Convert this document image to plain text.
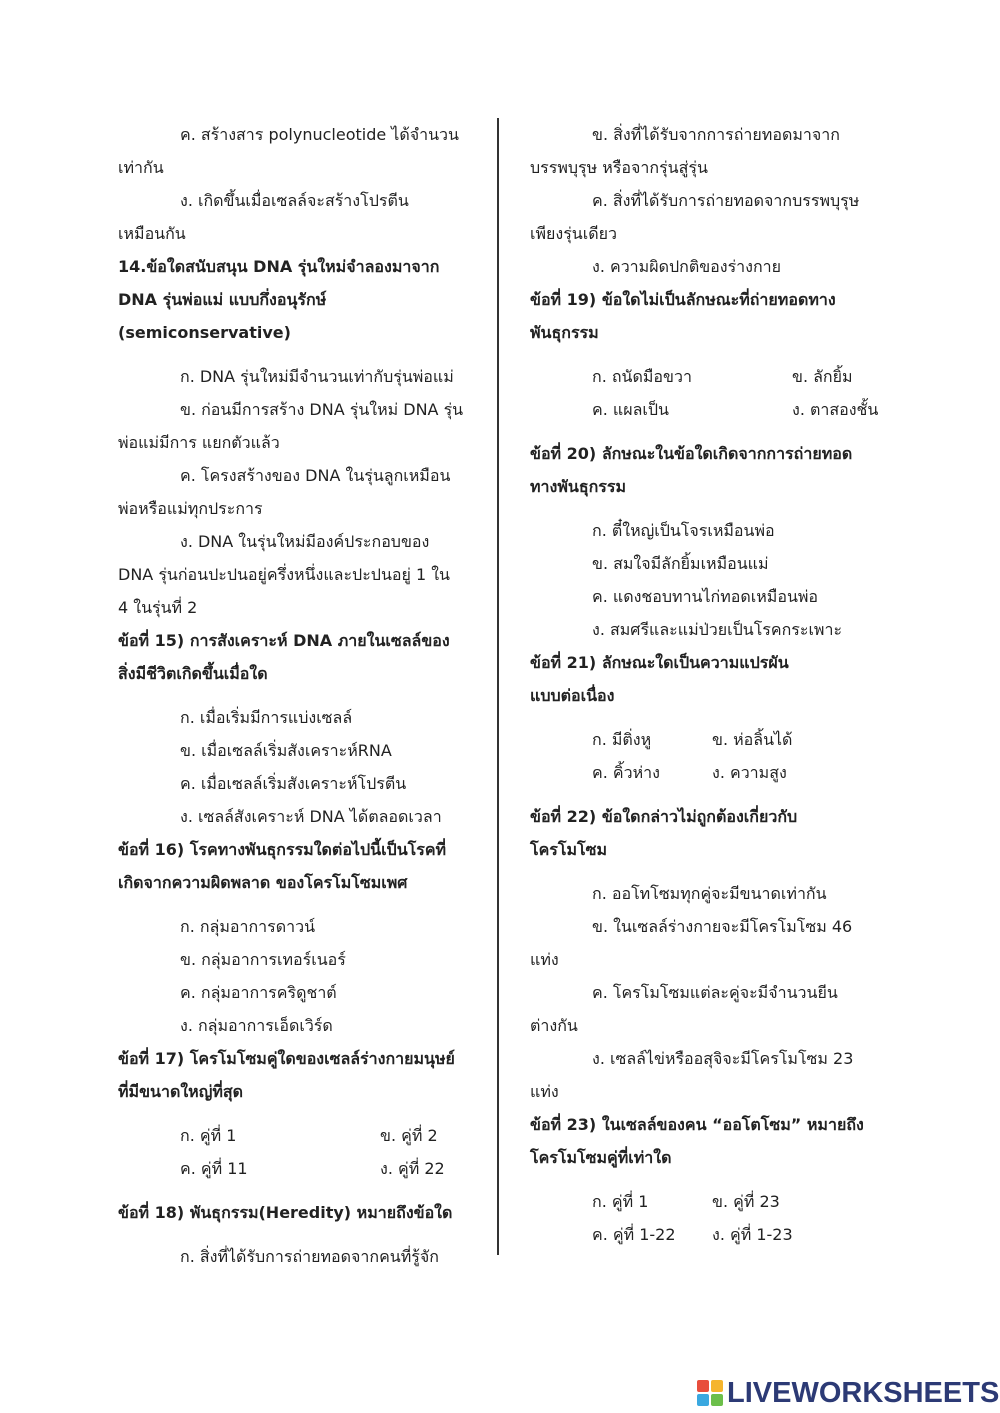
ค. สร้างสาร polynucleotide ได้จำนวน
เท่ากัน
ง. เกิดขึ้นเมื่อเซลล์จะสร้างโปรตีน
เหมือนกัน
14.ข้อใดสนับสนุน DNA รุ่นใหม่จำลองมาจาก
DNA รุ่นพ่อแม่ แบบกึ่งอนุรักษ์
(semiconservative)
ก. DNA รุ่นใหม่มีจำนวนเท่ากับรุ่นพ่อแม่
ข. ก่อนมีการสร้าง DNA รุ่นใหม่ DNA รุ่น
พ่อแม่มีการ แยกตัวแล้ว
ค. โครงสร้างของ DNA ในรุ่นลูกเหมือน
พ่อหรือแม่ทุกประการ
ง. DNA ในรุ่นใหม่มีองค์ประกอบของ
DNA รุ่นก่อนปะปนอยู่ครึ่งหนึ่งและปะปนอยู่ 1 ใน
4 ในรุ่นที่ 2
ข้อที่ 15) การสังเคราะห์ DNA ภายในเซลล์ของ
สิ่งมีชีวิตเกิดขึ้นเมื่อใด
ก. เมื่อเริ่มมีการแบ่งเซลล์
ข. เมื่อเซลล์เริ่มสังเคราะห์RNA
ค. เมื่อเซลล์เริ่มสังเคราะห์โปรตีน
ง. เซลล์สังเคราะห์ DNA ได้ตลอดเวลา
ข้อที่ 16) โรคทางพันธุกรรมใดต่อไปนี้เป็นโรคที่
เกิดจากความผิดพลาด ของโครโมโซมเพศ
ก. กลุ่มอาการดาวน์
ข. กลุ่มอาการเทอร์เนอร์
ค. กลุ่มอาการคริดูชาต์
ง. กลุ่มอาการเอ็ดเวิร์ด
ข้อที่ 17) โครโมโซมคู่ใดของเซลล์ร่างกายมนุษย์
ที่มีขนาดใหญ่ที่สุด
ก. คู่ที่ 1	ข. คู่ที่ 2
ค. คู่ที่ 11	ง. คู่ที่ 22
ข้อที่ 18) พันธุกรรม(Heredity) หมายถึงข้อใด
ก. สิ่งที่ได้รับการถ่ายทอดจากคนที่รู้จัก
ข. สิ่งที่ได้รับจากการถ่ายทอดมาจาก
บรรพบุรุษ หรือจากรุ่นสู่รุ่น
ค. สิ่งที่ได้รับการถ่ายทอดจากบรรพบุรุษ
เพียงรุ่นเดียว
ง. ความผิดปกติของร่างกาย
ข้อที่ 19) ข้อใดไม่เป็นลักษณะที่ถ่ายทอดทาง
พันธุกรรม
ก. ถนัดมือขวา	ข. ลักยิ้ม
ค. แผลเป็น	ง. ตาสองชั้น
ข้อที่ 20) ลักษณะในข้อใดเกิดจากการถ่ายทอด
ทางพันธุกรรม
ก. ตี๋ใหญ่เป็นโจรเหมือนพ่อ
ข. สมใจมีลักยิ้มเหมือนแม่
ค. แดงชอบทานไก่ทอดเหมือนพ่อ
ง. สมศรีและแม่ป่วยเป็นโรคกระเพาะ
ข้อที่ 21) ลักษณะใดเป็นความแปรผัน
แบบต่อเนื่อง
ก. มีติ่งหู	ข. ห่อลิ้นได้
ค. คิ้วห่าง	ง. ความสูง
ข้อที่ 22) ข้อใดกล่าวไม่ถูกต้องเกี่ยวกับ
โครโมโซม
ก. ออโทโซมทุกคู่จะมีขนาดเท่ากัน
ข. ในเซลล์ร่างกายจะมีโครโมโซม 46
แท่ง
ค. โครโมโซมแต่ละคู่จะมีจำนวนยีน
ต่างกัน
ง. เซลล์ไข่หรืออสุจิจะมีโครโมโซม 23
แท่ง
ข้อที่ 23) ในเซลล์ของคน “ออโตโซม” หมายถึง
โครโมโซมคู่ที่เท่าใด
ก. คู่ที่ 1	ข. คู่ที่ 23
ค. คู่ที่ 1-22	ง. คู่ที่ 1-23
LIVEWORKSHEETS
